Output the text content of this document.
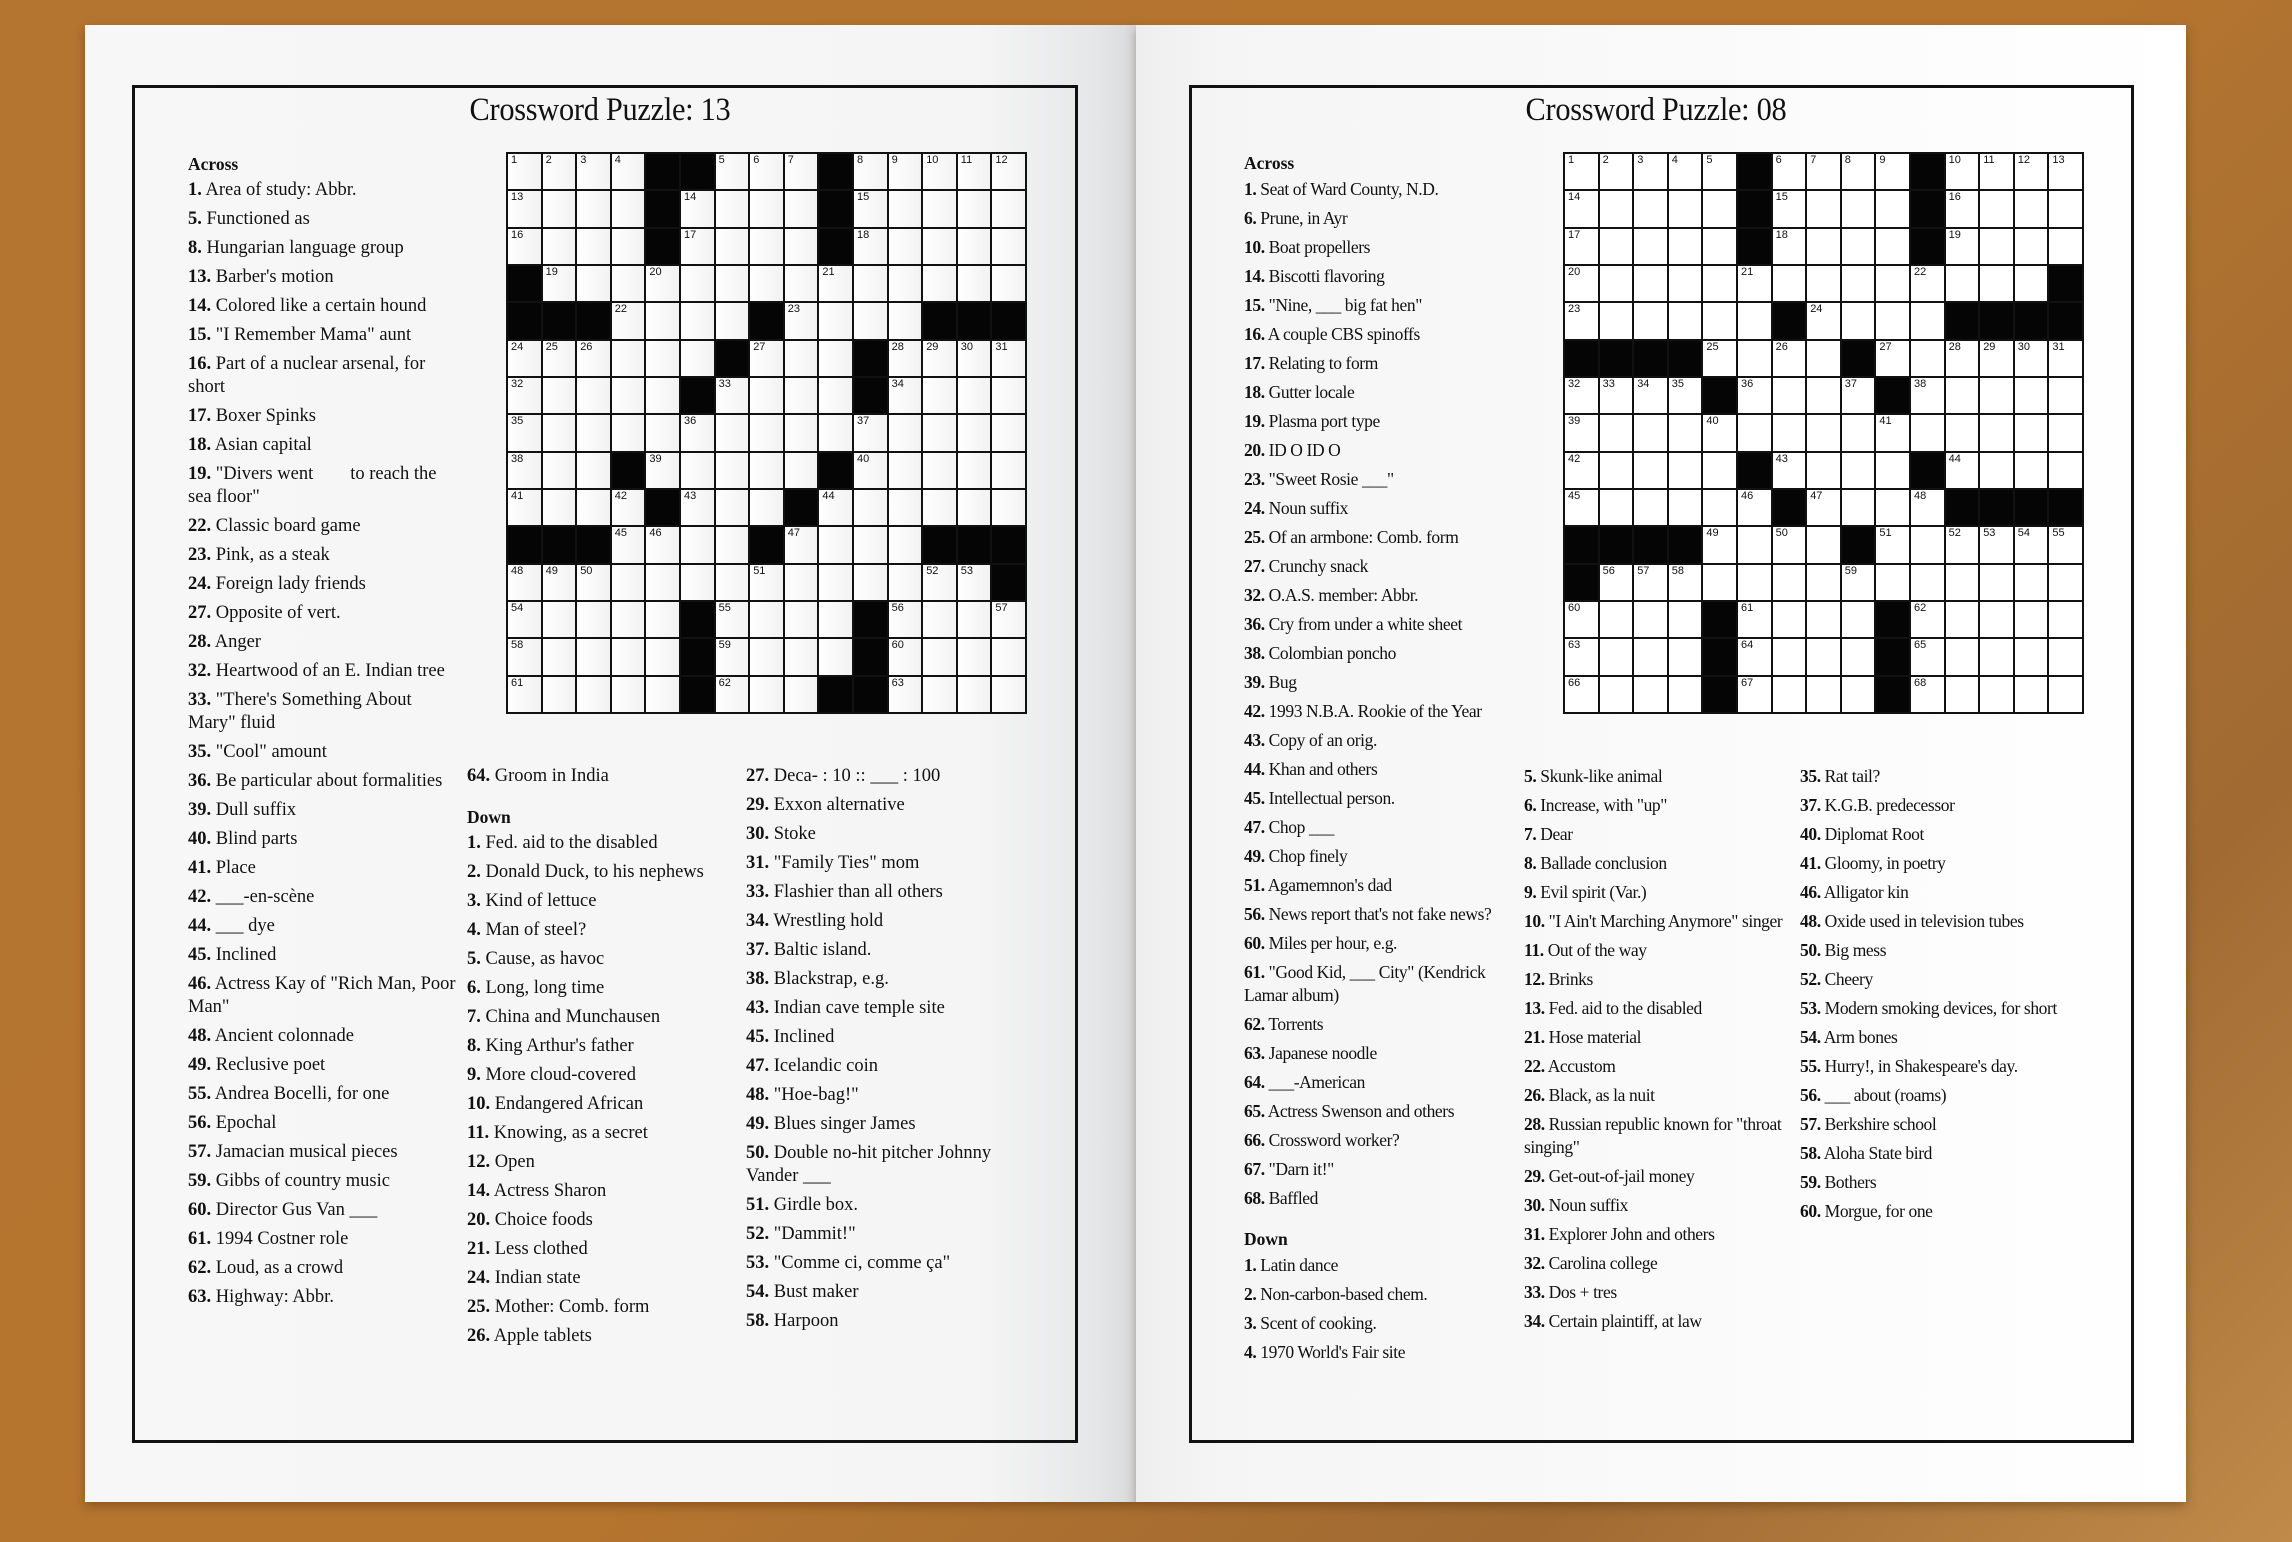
Crossword Puzzle: 13	Crossword Puzzle: 08
1	2	3	4	5	6	7	8	9	10 11 12
13	14	15
16	17	18
19	20	21
22	23
24 25 26	27	28 29 30 31
32	33	34
35	36	37
38	39	40
41	42	43	44
45 46	47
48 49 50	51	52 53
54	55	56	57
58	59	60
61	62	63
1	2	3	4	5	6	7	8	9	10 11 12 13
14	15	16
17	18	19
20	21	22
23	24
25	26	27	28 29 30 31
32 33 34 35	36	37	38
39	40	41
42	43	44
45	46	47	48
49	50	51	52 53 54 55
56 57 58	59
60	61	62
63	64	65
66	67	68
Across
1. Area of study: Abbr.
5. Functioned as
8. Hungarian language group
13. Barber's motion
14. Colored like a certain hound
15. "I Remember Mama" aunt
16. Part of a nuclear arsenal, for short
17. Boxer Spinks
18. Asian capital
19. "Divers went        to reach the sea floor"
22. Classic board game
23. Pink, as a steak
24. Foreign lady friends
27. Opposite of vert.
28. Anger
32. Heartwood of an E. Indian tree
33. "There's Something About Mary" fluid
35. "Cool" amount
36. Be particular about formalities
39. Dull suffix
40. Blind parts
41. Place
42. ___-en-scène
44. ___ dye
45. Inclined
46. Actress Kay of "Rich Man, Poor Man"
48. Ancient colonnade
49. Reclusive poet
55. Andrea Bocelli, for one
56. Epochal
57. Jamacian musical pieces
59. Gibbs of country music
60. Director Gus Van ___
61. 1994 Costner role
62. Loud, as a crowd
63. Highway: Abbr.
64. Groom in India
Down
1. Fed. aid to the disabled
2. Donald Duck, to his nephews
3. Kind of lettuce
4. Man of steel?
5. Cause, as havoc
6. Long, long time
7. China and Munchausen
8. King Arthur's father
9. More cloud-covered
10. Endangered African
11. Knowing, as a secret
12. Open
14. Actress Sharon
20. Choice foods
21. Less clothed
24. Indian state
25. Mother: Comb. form
26. Apple tablets
27. Deca- : 10 :: ___ : 100
29. Exxon alternative
30. Stoke
31. "Family Ties" mom
33. Flashier than all others
34. Wrestling hold
37. Baltic island.
38. Blackstrap, e.g.
43. Indian cave temple site
45. Inclined
47. Icelandic coin
48. "Hoe-bag!"
49. Blues singer James
50. Double no-hit pitcher Johnny Vander ___
51. Girdle box.
52. "Dammit!"
53. "Comme ci, comme ça"
54. Bust maker
58. Harpoon
Across
1. Seat of Ward County, N.D.
6. Prune, in Ayr
10. Boat propellers
14. Biscotti flavoring
15. "Nine, ___ big fat hen"
16. A couple CBS spinoffs
17. Relating to form
18. Gutter locale
19. Plasma port type
20. ID O ID O
23. "Sweet Rosie ___"
24. Noun suffix
25. Of an armbone: Comb. form
27. Crunchy snack
32. O.A.S. member: Abbr.
36. Cry from under a white sheet
38. Colombian poncho
39. Bug
42. 1993 N.B.A. Rookie of the Year
43. Copy of an orig.
44. Khan and others
45. Intellectual person.
47. Chop ___
49. Chop finely
51. Agamemnon's dad
56. News report that's not fake news?
60. Miles per hour, e.g.
61. "Good Kid, ___ City" (Kendrick Lamar album)
62. Torrents
63. Japanese noodle
64. ___-American
65. Actress Swenson and others
66. Crossword worker?
67. "Darn it!"
68. Baffled
Down
1. Latin dance
2. Non-carbon-based chem.
3. Scent of cooking.
4. 1970 World's Fair site
5. Skunk-like animal
6. Increase, with "up"
7. Dear
8. Ballade conclusion
9. Evil spirit (Var.)
10. "I Ain't Marching Anymore" singer
11. Out of the way
12. Brinks
13. Fed. aid to the disabled
21. Hose material
22. Accustom
26. Black, as la nuit
28. Russian republic known for "throat singing"
29. Get-out-of-jail money
30. Noun suffix
31. Explorer John and others
32. Carolina college
33. Dos + tres
34. Certain plaintiff, at law
35. Rat tail?
37. K.G.B. predecessor
40. Diplomat Root
41. Gloomy, in poetry
46. Alligator kin
48. Oxide used in television tubes
50. Big mess
52. Cheery
53. Modern smoking devices, for short
54. Arm bones
55. Hurry!, in Shakespeare's day.
56. ___ about (roams)
57. Berkshire school
58. Aloha State bird
59. Bothers
60. Morgue, for one
